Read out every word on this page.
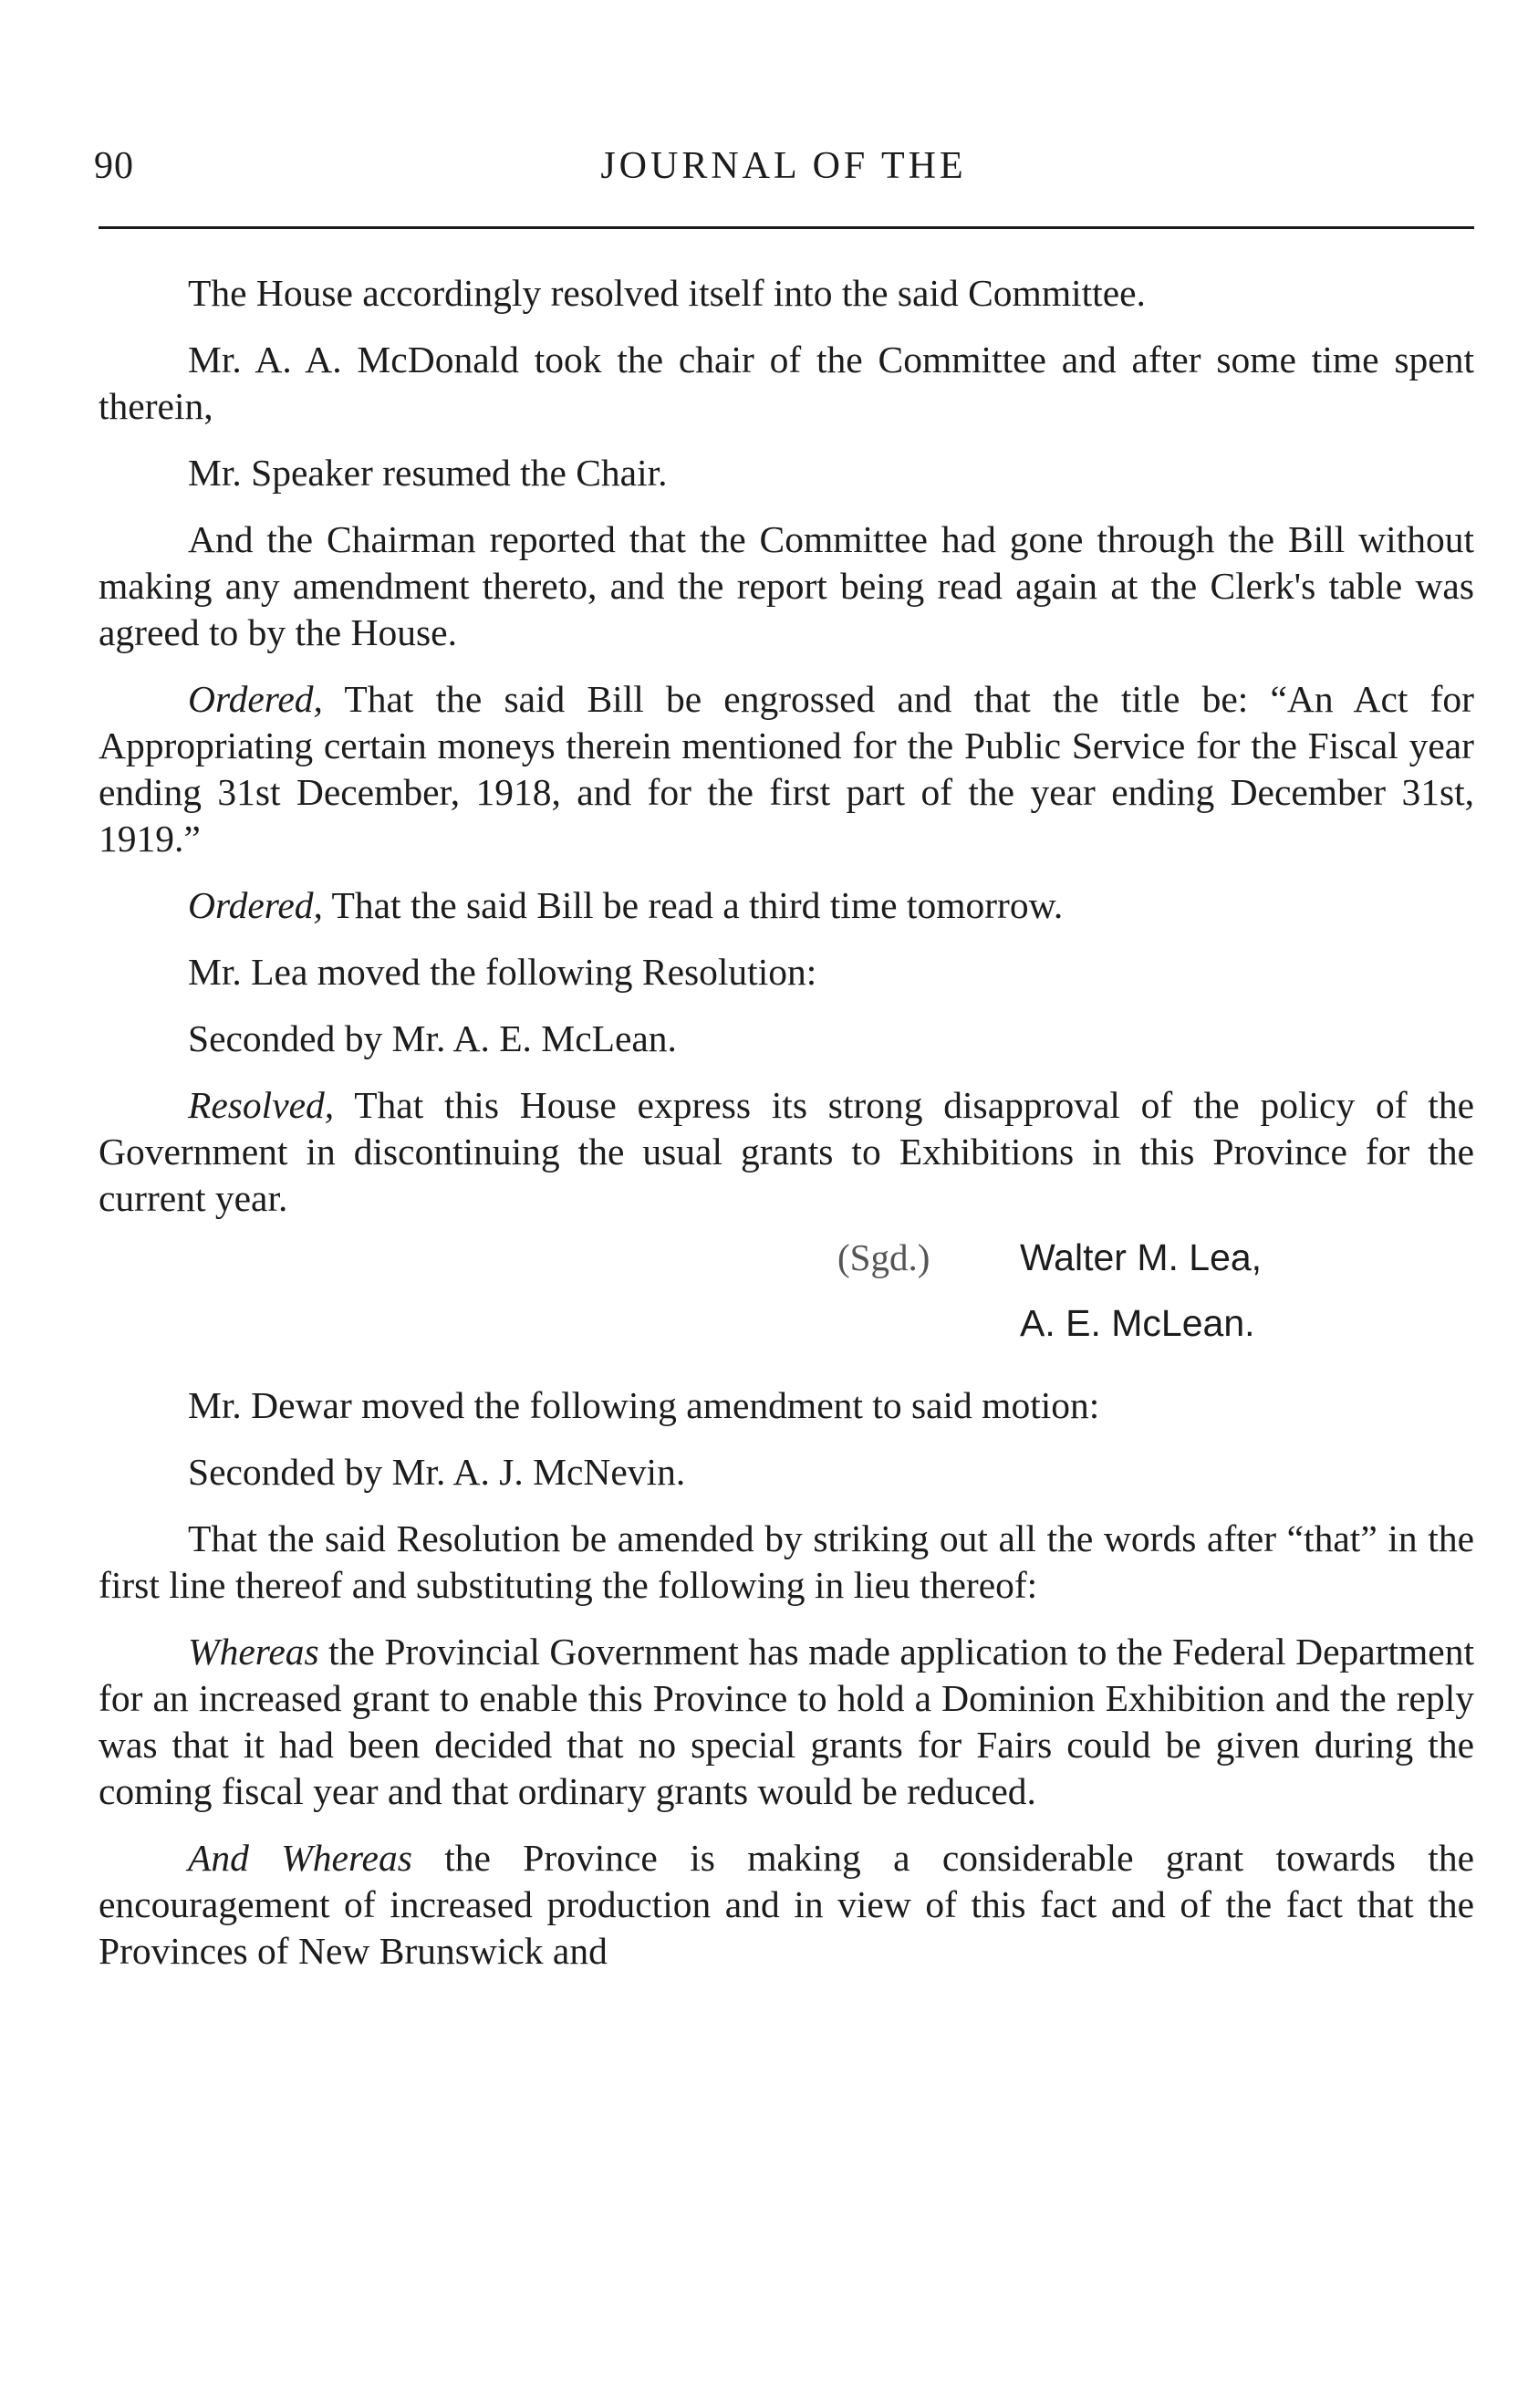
90	JOURNAL OF THE

The House accordingly resolved itself into the said Committee.

Mr. A. A. McDonald took the chair of the Committee and after some time spent therein,

Mr. Speaker resumed the Chair.

And the Chairman reported that the Committee had gone through the Bill without making any amendment thereto, and the report being read again at the Clerk's table was agreed to by the House.

Ordered, That the said Bill be engrossed and that the title be: “An Act for Appropriating certain moneys therein mentioned for the Public Service for the Fiscal year ending 31st December, 1918, and for the first part of the year ending December 31st, 1919.”

Ordered, That the said Bill be read a third time tomorrow.

Mr. Lea moved the following Resolution:

Seconded by Mr. A. E. McLean.

Resolved, That this House express its strong disapproval of the policy of the Government in discontinuing the usual grants to Exhibitions in this Province for the current year.

(Sgd.) Walter M. Lea,
A. E. McLean.

Mr. Dewar moved the following amendment to said motion:

Seconded by Mr. A. J. McNevin.

That the said Resolution be amended by striking out all the words after “that” in the first line thereof and substituting the following in lieu thereof:

Whereas the Provincial Government has made application to the Federal Department for an increased grant to enable this Province to hold a Dominion Exhibition and the reply was that it had been decided that no special grants for Fairs could be given during the coming fiscal year and that ordinary grants would be reduced.

And Whereas the Province is making a considerable grant towards the encouragement of increased production and in view of this fact and of the fact that the Provinces of New Brunswick and
